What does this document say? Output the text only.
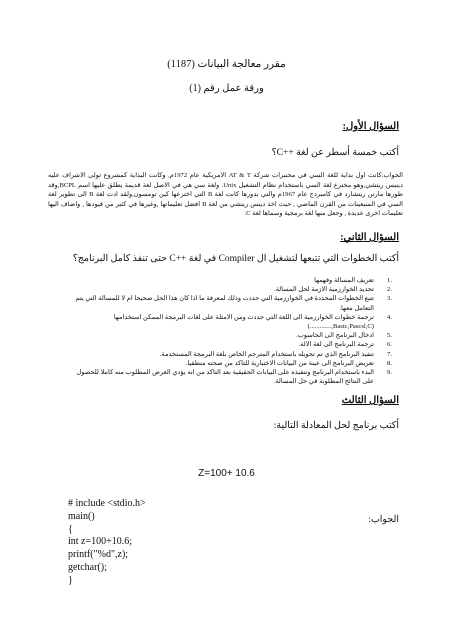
مقرر معالجة البيانات (1187)
ورقة عمل رقم (1)
السؤال الأول:
أكتب خمسة أسطر عن لغة ++C؟

الجواب:كانت اول بداية للغة السي في مختبرات شركة AT & T الامريكية عام 1972م, وكانت البداية كمشروع تولى الاشراف عليه دينيس ريتشي,وهو مخترع لغة السي باستخدام نظام التشغيل Unix. ولغة سي هي في الاصل لغة قديمة يطلق عليها اسم BCPL,وقد طورها مارتن ريتشارد في كامبردج عام 1967م والتي بدورها كانت لغة B التي اخترعها كين تومسون,ولقد ادت لغة B الى تطوير لغة السي في السبعينات من القرن الماضي , حيث اخذ دينس ريتشي من لغة B افضل تعليماتها ,وغيرها في كثير من قيودها , واضاف اليها تعليمات اخرى عديدة , وجعل منها لغة برمجية وسماها لغة C.

السؤال الثاني:
أكتب الخطوات التي تتبعها لتشغيل ال Compiler في لغة ++C حتى تنفذ كامل البرنامج؟
1.
تعريف المسالة وفهمها
2.
تحديد الخوارزمية الازمة لحل المسالة.
3.
تتبع الخطوات المحددة في الخوارزمية التي حددت وذلك لمعرفة ما اذا كان هذا الحل صحيحا ام لا للمسالة التي يتم التعامل معها.
4.
ترجمة خطوات الخوارزمية الى اللغة التي حددت ومن الامثلة على لغات البرمجة الممكن استخدامها (Basic,Pascsl,C,.............)
5.
ادخال البرنامج الى الحاسوب.
6.
ترجمة البرنامج الى لغة الالة.
7.
تنفيذ البرنامج الذي تم تحويله باستخدام المترجم الخاص بلغة البرمجة المستخدمة.
8.
تعريض البرنامج الى عينة من البيانات الاختبارية للتاكد من صحته منطقيا.
9.
البدء باستخدام البرنامج وتنفيذه على البيانات الحقيقية بعد التاكد من انه يؤدي الغرض المطلوب منه كاملا للحصول على النتائج المطلوبة في حل المسالة.
السؤال الثالث
أكتب برنامج لحل المعادلة التالية:
Z=100+ 10.6
الجواب:
# include <stdio.h>
main()
{
int z=100+10.6;
printf("%d",z);
getchar();
}
